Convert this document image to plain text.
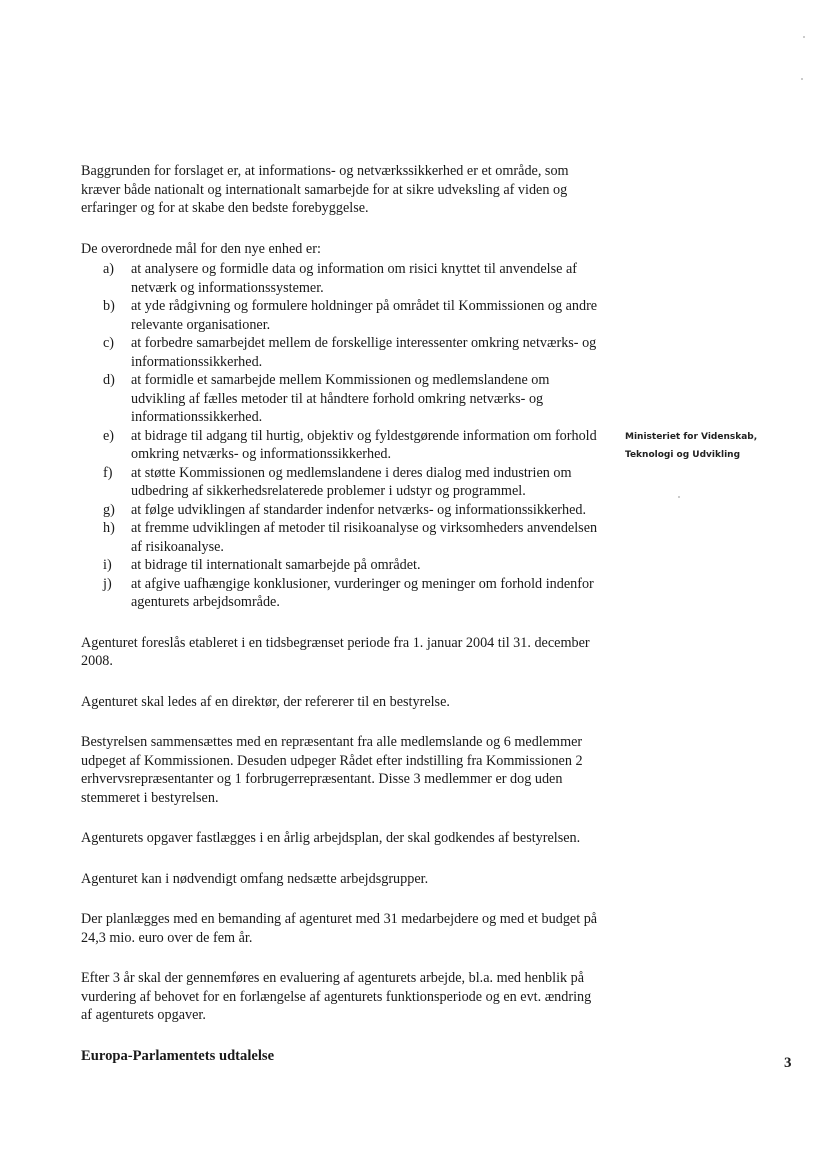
Baggrunden for forslaget er, at informations- og netværkssikkerhed er et område, som kræver både nationalt og internationalt samarbejde for at sikre udveksling af viden og erfaringer og for at skabe den bedste forebyggelse.

De overordnede mål for den nye enhed er:

a) at analysere og formidle data og information om risici knyttet til anvendelse af netværk og informationssystemer.
b) at yde rådgivning og formulere holdninger på området til Kommissionen og andre relevante organisationer.
c) at forbedre samarbejdet mellem de forskellige interessenter omkring netværks- og informationssikkerhed.
d) at formidle et samarbejde mellem Kommissionen og medlemslandene om udvikling af fælles metoder til at håndtere forhold omkring netværks- og informationssikkerhed.
e) at bidrage til adgang til hurtig, objektiv og fyldestgørende information om forhold omkring netværks- og informationssikkerhed.
f) at støtte Kommissionen og medlemslandene i deres dialog med industrien om udbedring af sikkerhedsrelaterede problemer i udstyr og programmel.
g) at følge udviklingen af standarder indenfor netværks- og informationssikkerhed.
h) at fremme udviklingen af metoder til risikoanalyse og virksomheders anvendelsen af risikoanalyse.
i) at bidrage til internationalt samarbejde på området.
j) at afgive uafhængige konklusioner, vurderinger og meninger om forhold indenfor agenturets arbejdsområde.

Agenturet foreslås etableret i en tidsbegrænset periode fra 1. januar 2004 til 31. december 2008.

Agenturet skal ledes af en direktør, der refererer til en bestyrelse.

Bestyrelsen sammensættes med en repræsentant fra alle medlemslande og 6 medlemmer udpeget af Kommissionen. Desuden udpeger Rådet efter indstilling fra Kommissionen 2 erhvervsrepræsentanter og 1 forbrugerrepræsentant. Disse 3 medlemmer er dog uden stemmeret i bestyrelsen.

Agenturets opgaver fastlægges i en årlig arbejdsplan, der skal godkendes af bestyrelsen.

Agenturet kan i nødvendigt omfang nedsætte arbejdsgrupper.

Der planlægges med en bemanding af agenturet med 31 medarbejdere og med et budget på 24,3 mio. euro over de fem år.

Efter 3 år skal der gennemføres en evaluering af agenturets arbejde, bl.a. med henblik på vurdering af behovet for en forlængelse af agenturets funktionsperiode og en evt. ændring af agenturets opgaver.

Europa-Parlamentets udtalelse

Ministeriet for Videnskab,
Teknologi og Udvikling
3
